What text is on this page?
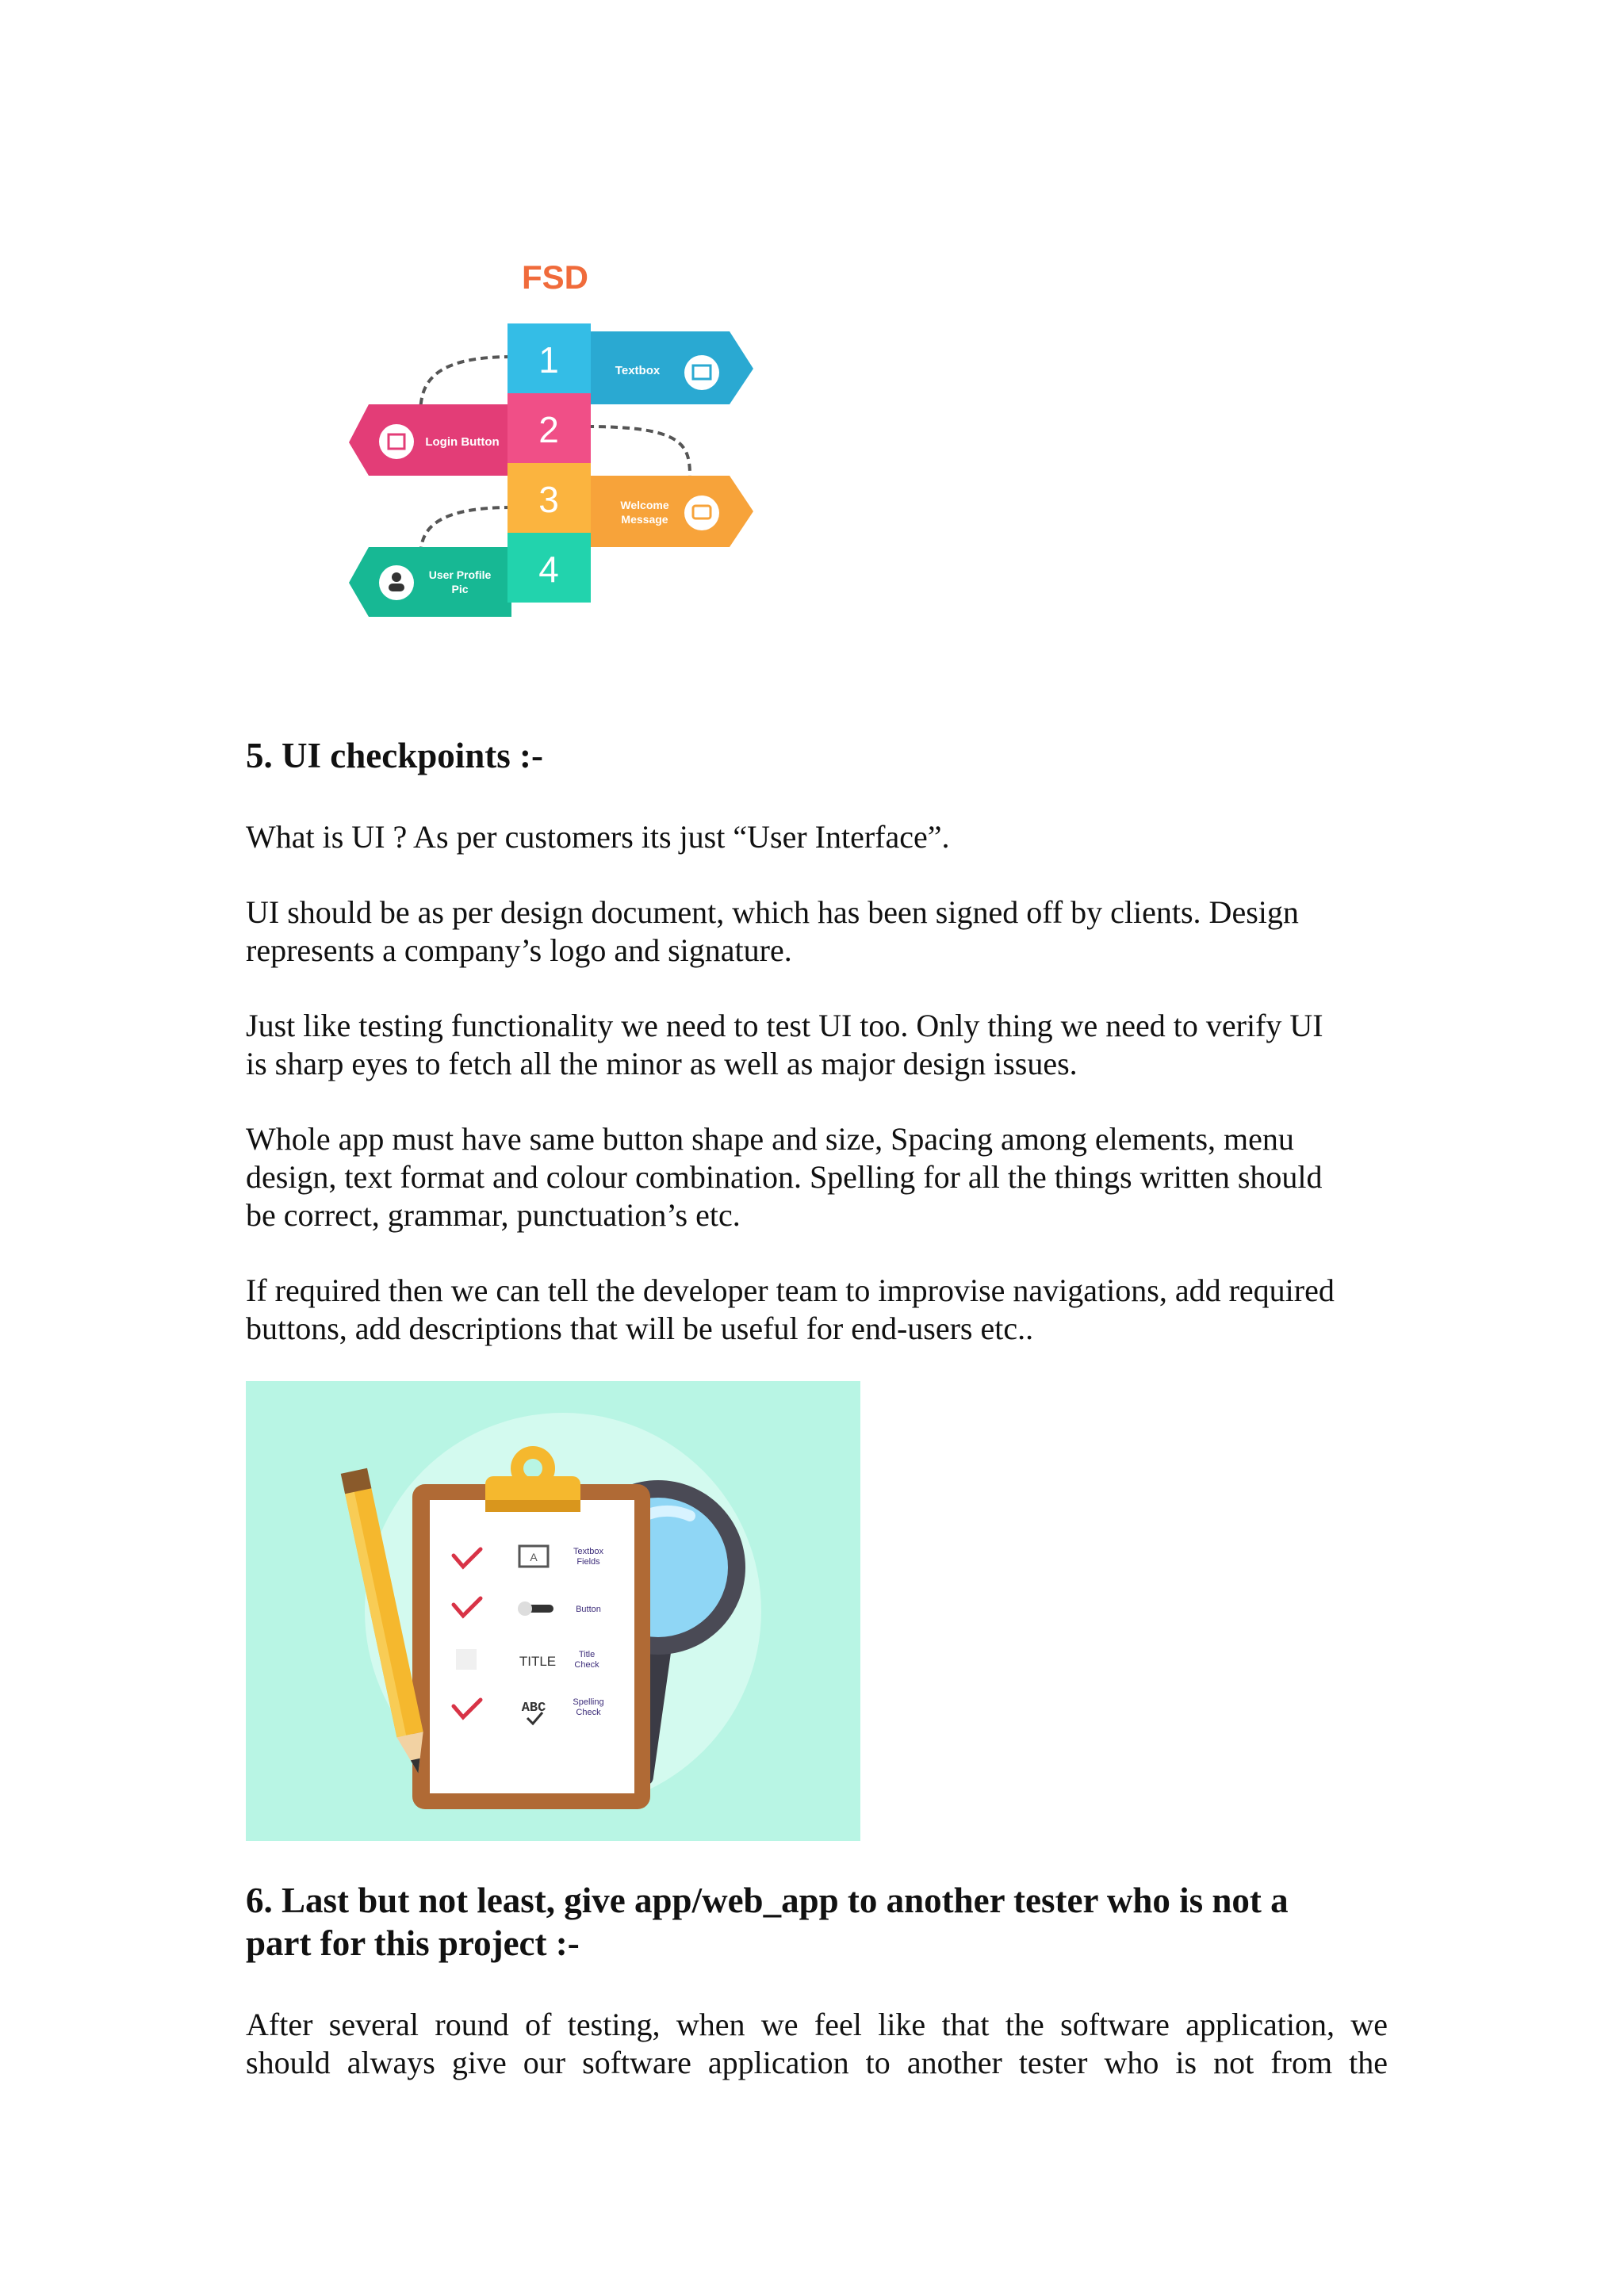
FSD
1	Textbox
2
Login Button
3	Welcome
Message
4
User Profile
Pic
5. UI checkpoints :-

What is UI ? As per customers its just “User Interface”.

UI should be as per design document, which has been signed off by clients. Design
represents a company’s logo and signature.

Just like testing functionality we need to test UI too. Only thing we need to verify UI
is sharp eyes to fetch all the minor as well as major design issues.

Whole app must have same button shape and size, Spacing among elements, menu
design, text format and colour combination. Spelling for all the things written should
be correct, grammar, punctuation’s etc.

If required then we can tell the developer team to improvise navigations, add required
buttons, add descriptions that will be useful for end-users etc..

A	Textbox
Fields
Button
TITLE	Title
Check
ABC	Spelling
Check
6. Last but not least, give app/web_app to another tester who is not a
part for this project :-

After several round of testing, when we feel like that the software application, we
should always give our software application to another tester who is not from the
